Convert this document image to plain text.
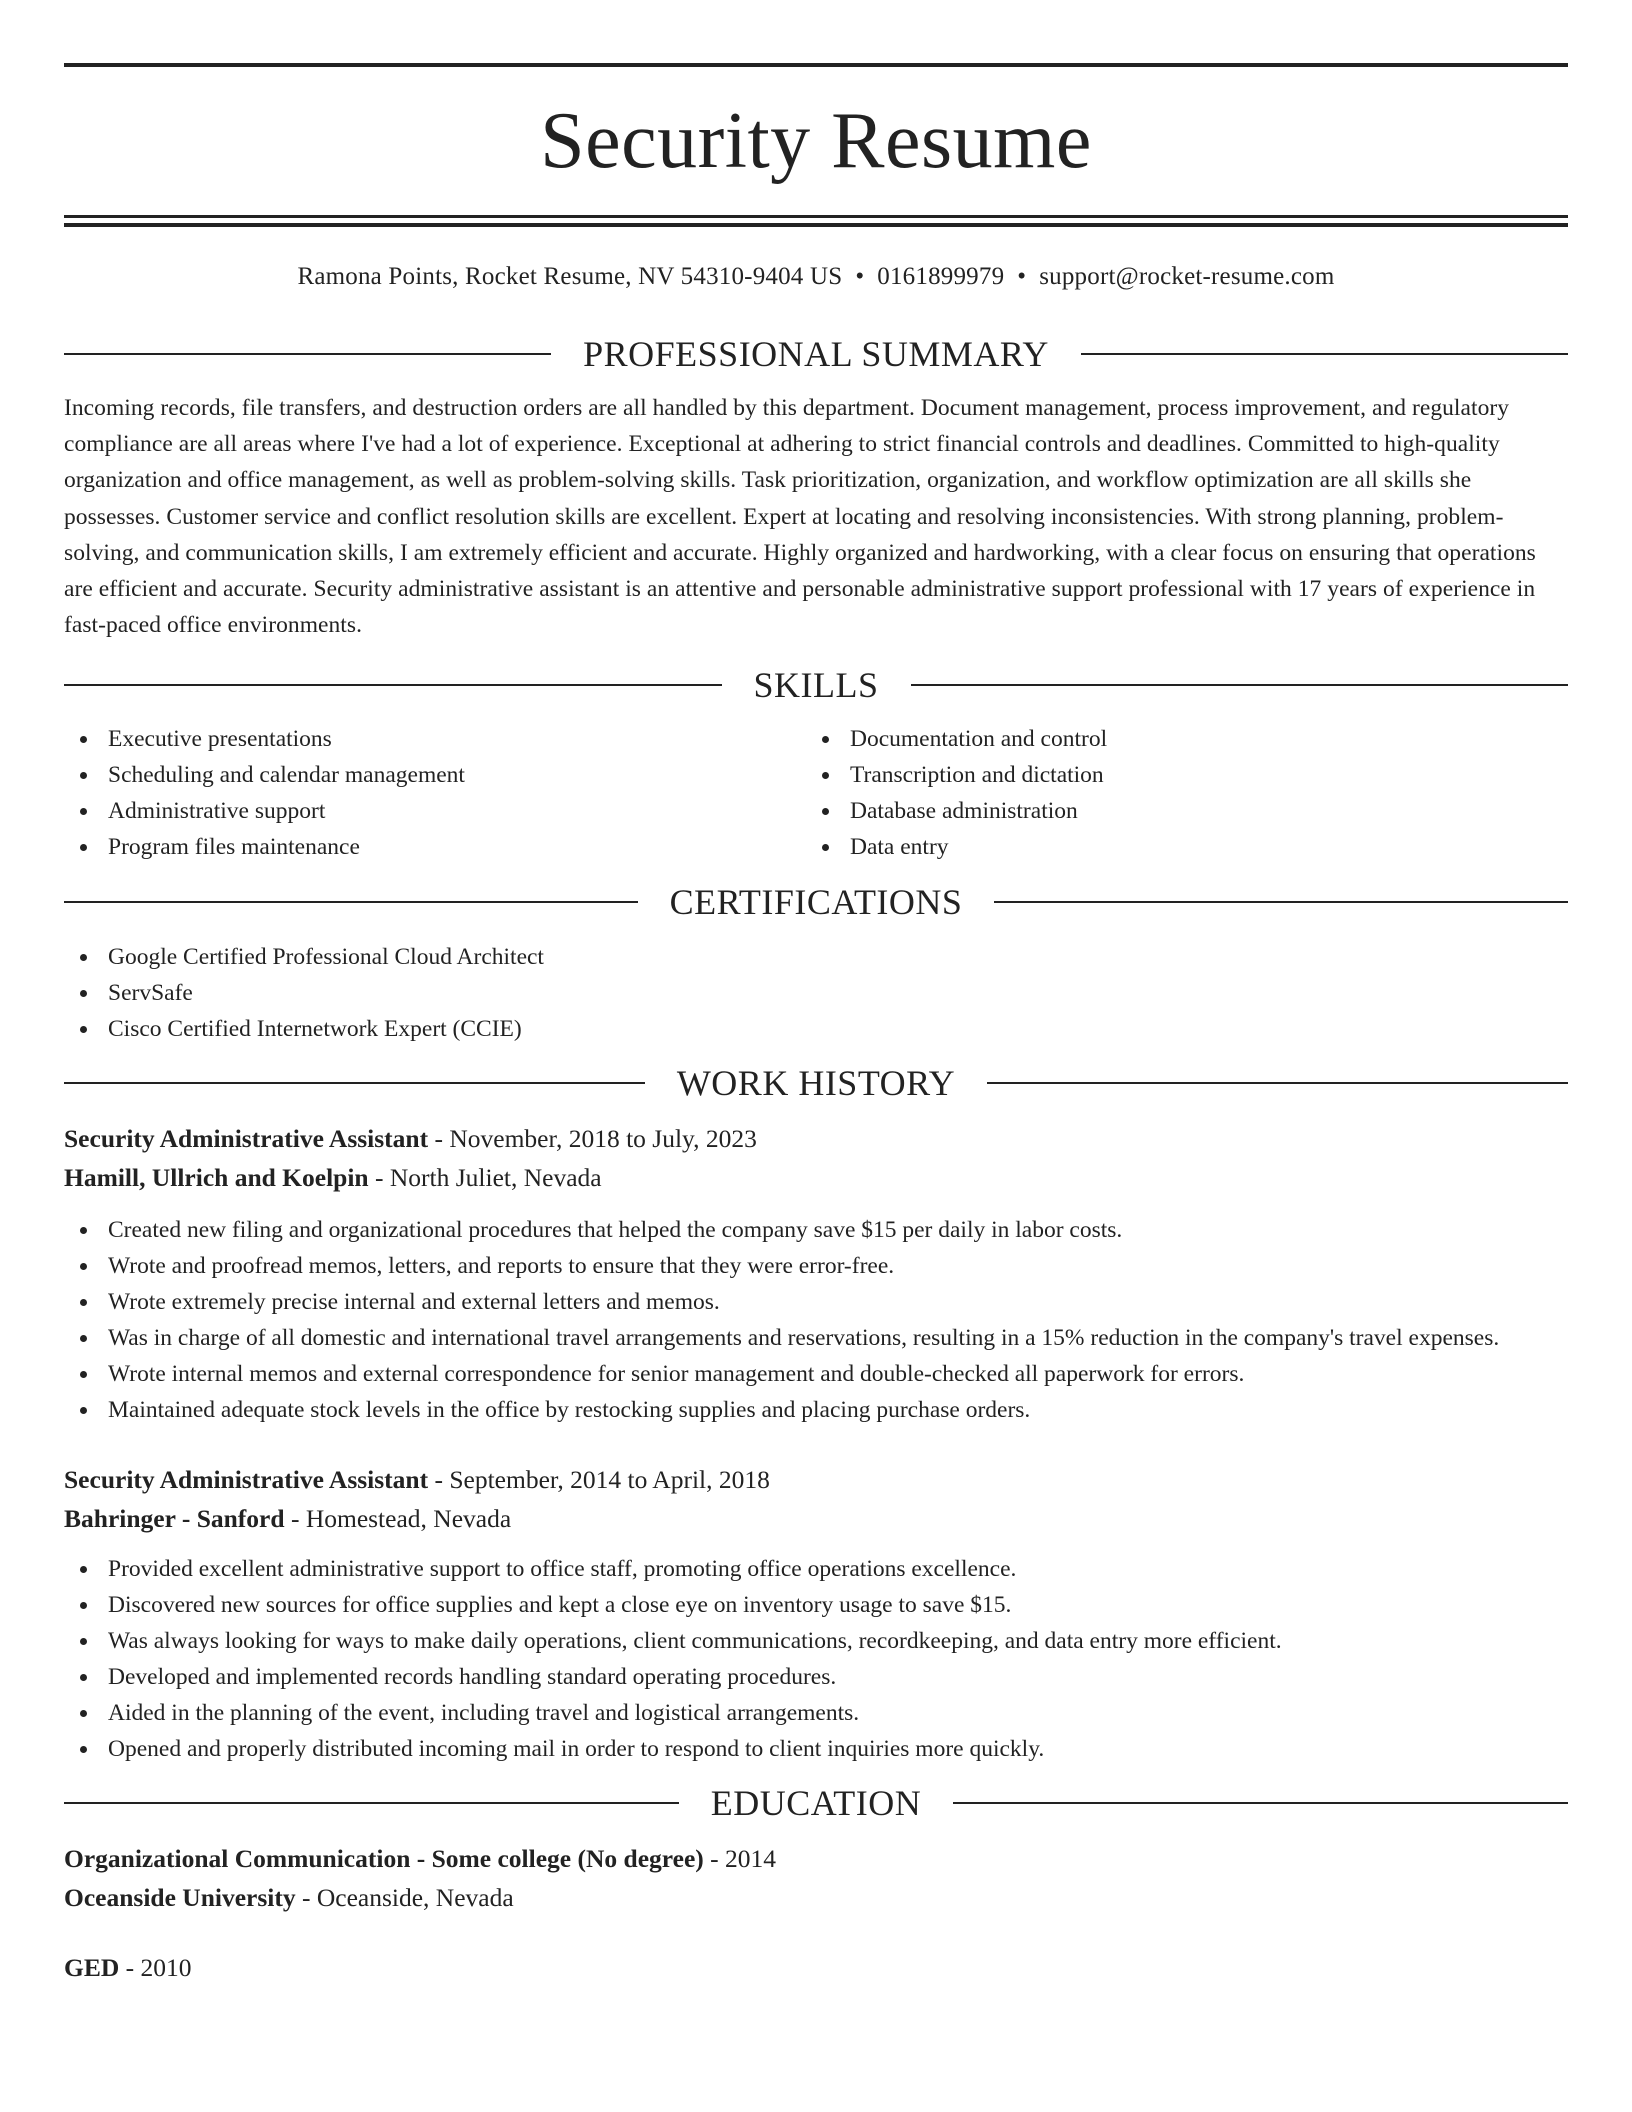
Security Resume
Ramona Points, Rocket Resume, NV 54310-9404 US • 0161899979 • support@rocket-resume.com
PROFESSIONAL SUMMARY
Incoming records, file transfers, and destruction orders are all handled by this department. Document management, process improvement, and regulatory compliance are all areas where I've had a lot of experience. Exceptional at adhering to strict financial controls and deadlines. Committed to high-quality organization and office management, as well as problem-solving skills. Task prioritization, organization, and workflow optimization are all skills she possesses. Customer service and conflict resolution skills are excellent. Expert at locating and resolving inconsistencies. With strong planning, problem-solving, and communication skills, I am extremely efficient and accurate. Highly organized and hardworking, with a clear focus on ensuring that operations are efficient and accurate. Security administrative assistant is an attentive and personable administrative support professional with 17 years of experience in fast-paced office environments.
SKILLS
Executive presentations
Scheduling and calendar management
Administrative support
Program files maintenance
Documentation and control
Transcription and dictation
Database administration
Data entry
CERTIFICATIONS
Google Certified Professional Cloud Architect
ServSafe
Cisco Certified Internetwork Expert (CCIE)
WORK HISTORY
Security Administrative Assistant - November, 2018 to July, 2023
Hamill, Ullrich and Koelpin - North Juliet, Nevada
Created new filing and organizational procedures that helped the company save $15 per daily in labor costs.
Wrote and proofread memos, letters, and reports to ensure that they were error-free.
Wrote extremely precise internal and external letters and memos.
Was in charge of all domestic and international travel arrangements and reservations, resulting in a 15% reduction in the company's travel expenses.
Wrote internal memos and external correspondence for senior management and double-checked all paperwork for errors.
Maintained adequate stock levels in the office by restocking supplies and placing purchase orders.
Security Administrative Assistant - September, 2014 to April, 2018
Bahringer - Sanford - Homestead, Nevada
Provided excellent administrative support to office staff, promoting office operations excellence.
Discovered new sources for office supplies and kept a close eye on inventory usage to save $15.
Was always looking for ways to make daily operations, client communications, recordkeeping, and data entry more efficient.
Developed and implemented records handling standard operating procedures.
Aided in the planning of the event, including travel and logistical arrangements.
Opened and properly distributed incoming mail in order to respond to client inquiries more quickly.
EDUCATION
Organizational Communication - Some college (No degree) - 2014
Oceanside University - Oceanside, Nevada
GED - 2010
